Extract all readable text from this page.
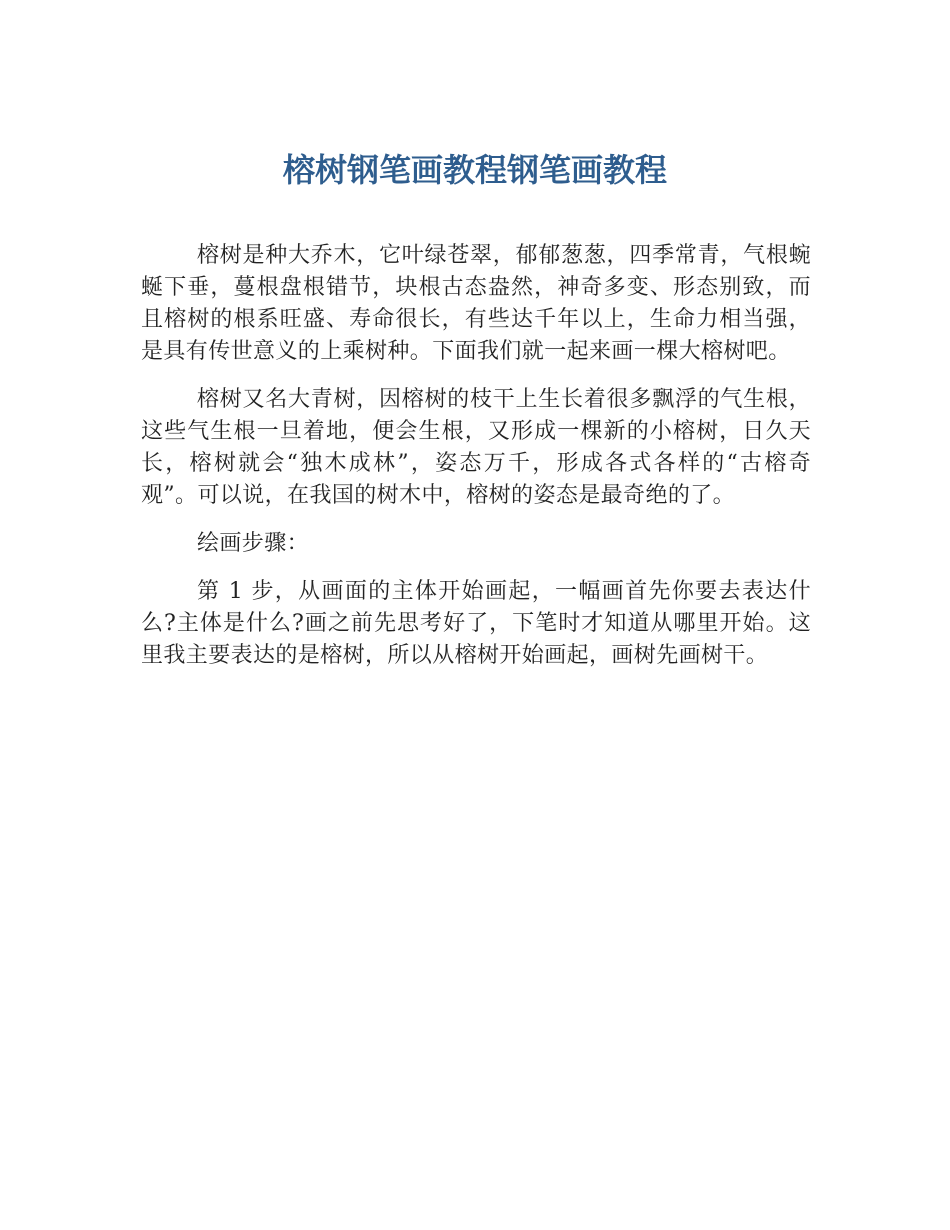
榕树钢笔画教程钢笔画教程

榕树是种大乔木，它叶绿苍翠，郁郁葱葱，四季常青，气根蜿蜒下垂，蔓根盘根错节，块根古态盎然，神奇多变、形态别致，而且榕树的根系旺盛、寿命很长，有些达千年以上，生命力相当强，是具有传世意义的上乘树种。下面我们就一起来画一棵大榕树吧。

榕树又名大青树，因榕树的枝干上生长着很多飘浮的气生根，这些气生根一旦着地，便会生根，又形成一棵新的小榕树，日久天长，榕树就会“独木成林”，姿态万千，形成各式各样的“古榕奇观”。可以说，在我国的树木中，榕树的姿态是最奇绝的了。

绘画步骤：

第 1 步，从画面的主体开始画起，一幅画首先你要去表达什么?主体是什么?画之前先思考好了，下笔时才知道从哪里开始。这里我主要表达的是榕树，所以从榕树开始画起，画树先画树干。
